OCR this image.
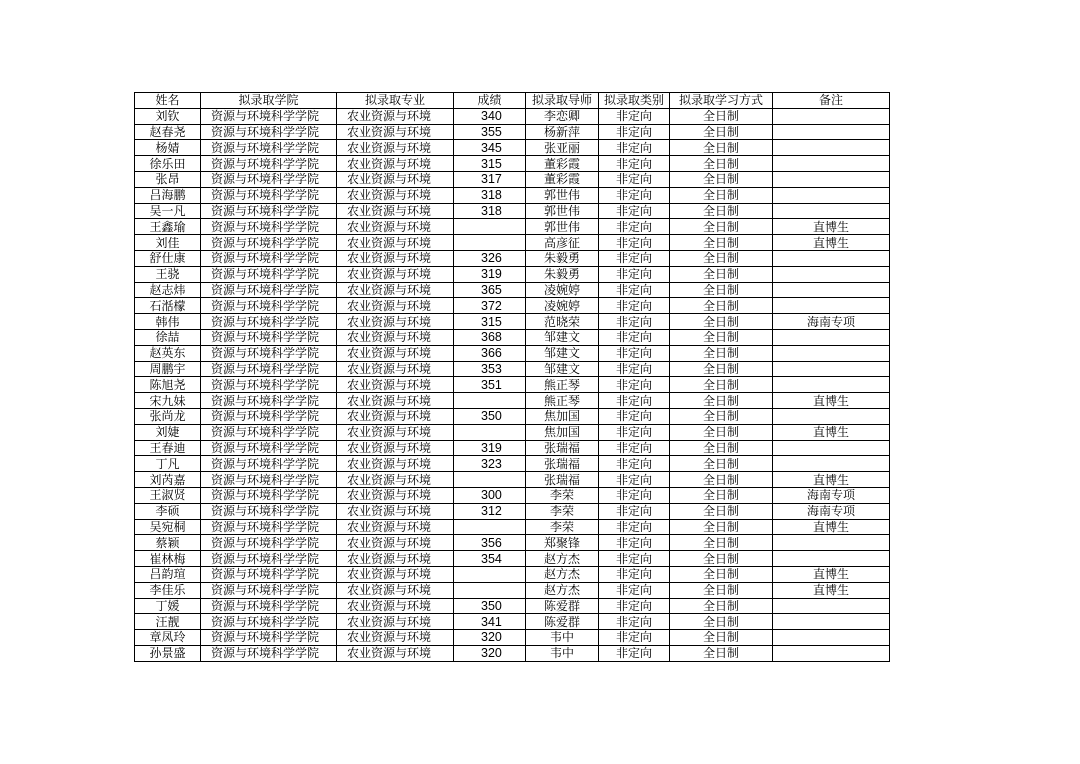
姓名	拟录取学院	拟录取专业	成绩	拟录取导师	拟录取类别	拟录取学习方式	备注
刘钦	资源与环境科学学院	农业资源与环境	340	李恋卿	非定向	全日制	
赵春尧	资源与环境科学学院	农业资源与环境	355	杨新萍	非定向	全日制	
杨婧	资源与环境科学学院	农业资源与环境	345	张亚丽	非定向	全日制	
徐乐田	资源与环境科学学院	农业资源与环境	315	董彩霞	非定向	全日制	
张昂	资源与环境科学学院	农业资源与环境	317	董彩霞	非定向	全日制	
吕海鹏	资源与环境科学学院	农业资源与环境	318	郭世伟	非定向	全日制	
吴一凡	资源与环境科学学院	农业资源与环境	318	郭世伟	非定向	全日制	
王鑫瑜	资源与环境科学学院	农业资源与环境		郭世伟	非定向	全日制	直博生
刘佳	资源与环境科学学院	农业资源与环境		高彦征	非定向	全日制	直博生
舒仕康	资源与环境科学学院	农业资源与环境	326	朱毅勇	非定向	全日制	
王骁	资源与环境科学学院	农业资源与环境	319	朱毅勇	非定向	全日制	
赵志炜	资源与环境科学学院	农业资源与环境	365	凌婉婷	非定向	全日制	
石湉檬	资源与环境科学学院	农业资源与环境	372	凌婉婷	非定向	全日制	
韩伟	资源与环境科学学院	农业资源与环境	315	范晓荣	非定向	全日制	海南专项
徐喆	资源与环境科学学院	农业资源与环境	368	邹建文	非定向	全日制	
赵英东	资源与环境科学学院	农业资源与环境	366	邹建文	非定向	全日制	
周鹏宇	资源与环境科学学院	农业资源与环境	353	邹建文	非定向	全日制	
陈旭尧	资源与环境科学学院	农业资源与环境	351	熊正琴	非定向	全日制	
宋九妹	资源与环境科学学院	农业资源与环境		熊正琴	非定向	全日制	直博生
张尚龙	资源与环境科学学院	农业资源与环境	350	焦加国	非定向	全日制	
刘婕	资源与环境科学学院	农业资源与环境		焦加国	非定向	全日制	直博生
王春迪	资源与环境科学学院	农业资源与环境	319	张瑞福	非定向	全日制	
丁凡	资源与环境科学学院	农业资源与环境	323	张瑞福	非定向	全日制	
刘芮嘉	资源与环境科学学院	农业资源与环境		张瑞福	非定向	全日制	直博生
王淑贤	资源与环境科学学院	农业资源与环境	300	李荣	非定向	全日制	海南专项
李硕	资源与环境科学学院	农业资源与环境	312	李荣	非定向	全日制	海南专项
吴宛桐	资源与环境科学学院	农业资源与环境		李荣	非定向	全日制	直博生
蔡颖	资源与环境科学学院	农业资源与环境	356	郑聚锋	非定向	全日制	
崔林梅	资源与环境科学学院	农业资源与环境	354	赵方杰	非定向	全日制	
吕韵瑄	资源与环境科学学院	农业资源与环境		赵方杰	非定向	全日制	直博生
李佳乐	资源与环境科学学院	农业资源与环境		赵方杰	非定向	全日制	直博生
丁媛	资源与环境科学学院	农业资源与环境	350	陈爱群	非定向	全日制	
汪靓	资源与环境科学学院	农业资源与环境	341	陈爱群	非定向	全日制	
章凤玲	资源与环境科学学院	农业资源与环境	320	韦中	非定向	全日制	
孙景盛	资源与环境科学学院	农业资源与环境	320	韦中	非定向	全日制	
